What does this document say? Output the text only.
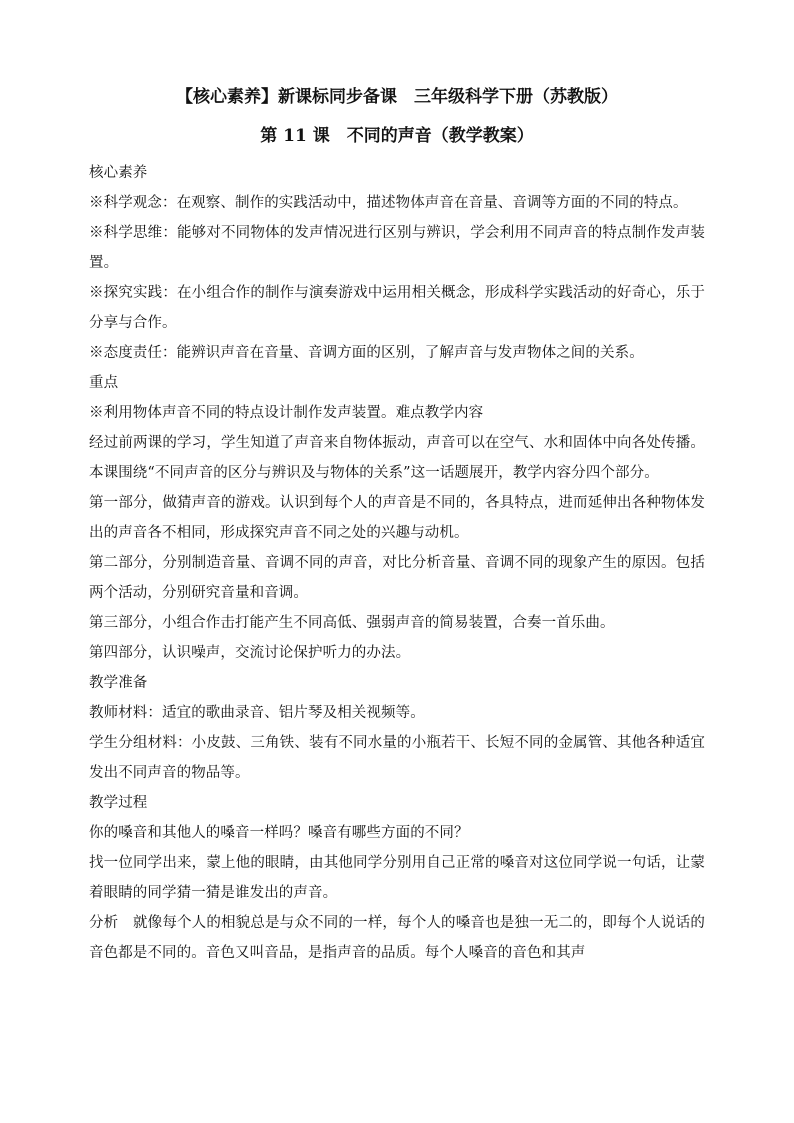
【核心素养】新课标同步备课　三年级科学下册（苏教版）
第 11 课　不同的声音（教学教案）

核心素养

※科学观念：在观察、制作的实践活动中，描述物体声音在音量、音调等方面的不同的特点。

※科学思维：能够对不同物体的发声情况进行区别与辨识，学会利用不同声音的特点制作发声装置。

※探究实践：在小组合作的制作与演奏游戏中运用相关概念，形成科学实践活动的好奇心，乐于分享与合作。

※态度责任：能辨识声音在音量、音调方面的区别，了解声音与发声物体之间的关系。

重点

※利用物体声音不同的特点设计制作发声装置。难点教学内容

经过前两课的学习，学生知道了声音来自物体振动，声音可以在空气、水和固体中向各处传播。本课围绕“不同声音的区分与辨识及与物体的关系”这一话题展开，教学内容分四个部分。

第一部分，做猜声音的游戏。认识到每个人的声音是不同的，各具特点，进而延伸出各种物体发出的声音各不相同，形成探究声音不同之处的兴趣与动机。

第二部分，分别制造音量、音调不同的声音，对比分析音量、音调不同的现象产生的原因。包括两个活动，分别研究音量和音调。

第三部分，小组合作击打能产生不同高低、强弱声音的简易装置，合奏一首乐曲。

第四部分，认识噪声，交流讨论保护听力的办法。

教学准备

教师材料：适宜的歌曲录音、铝片琴及相关视频等。

学生分组材料：小皮鼓、三角铁、装有不同水量的小瓶若干、长短不同的金属管、其他各种适宜发出不同声音的物品等。

教学过程

你的嗓音和其他人的嗓音一样吗？嗓音有哪些方面的不同？

找一位同学出来，蒙上他的眼睛，由其他同学分别用自己正常的嗓音对这位同学说一句话，让蒙着眼睛的同学猜一猜是谁发出的声音。

分析　就像每个人的相貌总是与众不同的一样，每个人的嗓音也是独一无二的，即每个人说话的音色都是不同的。音色又叫音品，是指声音的品质。每个人嗓音的音色和其声
